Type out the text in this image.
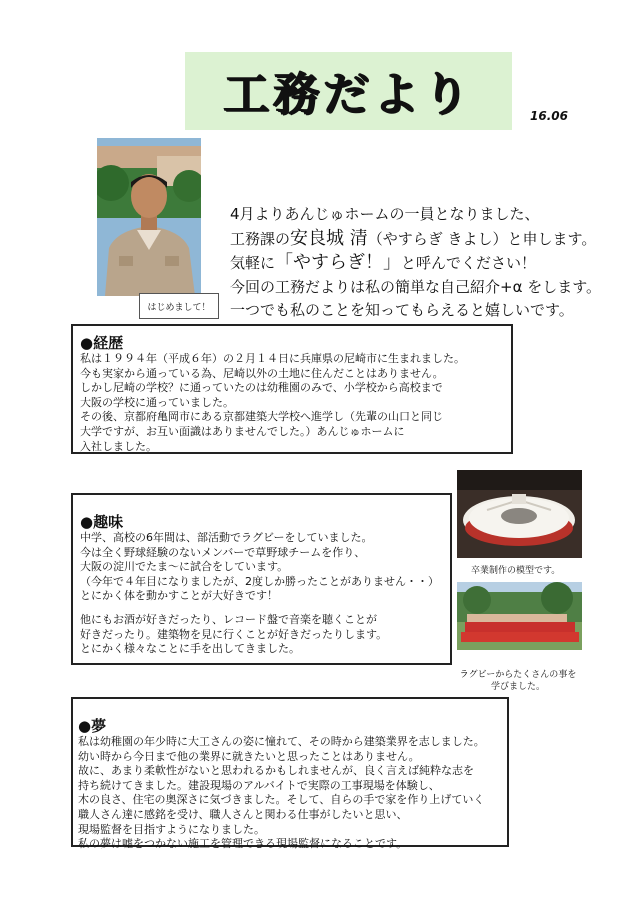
工務だより	16.06
はじめまして！
4月よりあんじゅホームの一員となりました、
工務課の安良城 清（やすらぎ きよし）と申します。
気軽に「やすらぎ！」と呼んでください！
今回の工務だよりは私の簡単な自己紹介+α をします。
一つでも私のことを知ってもらえると嬉しいです。
●経歴
私は１９９４年（平成６年）の２月１４日に兵庫県の尼崎市に生まれました。
今も実家から通っている為、尼崎以外の土地に住んだことはありません。
しかし尼崎の学校？に通っていたのは幼稚園のみで、小学校から高校まで
大阪の学校に通っていました。
その後、京都府亀岡市にある京都建築大学校へ進学し（先輩の山口と同じ
大学ですが、お互い面識はありませんでした。）あんじゅホームに
入社しました。
●趣味
中学、高校の6年間は、部活動でラグビーをしていました。
今は全く野球経験のないメンバーで草野球チームを作り、
大阪の淀川でたま～に試合をしています。
（今年で４年目になりましたが、2度しか勝ったことがありません・・）
とにかく体を動かすことが大好きです！
他にもお酒が好きだったり、レコード盤で音楽を聴くことが
好きだったり。建築物を見に行くことが好きだったりします。
とにかく様々なことに手を出してきました。
卒業制作の模型です。
ラグビーからたくさんの事を
学びました。
●夢
私は幼稚園の年少時に大工さんの姿に憧れて、その時から建築業界を志しました。
幼い時から今日まで他の業界に就きたいと思ったことはありません。
故に、あまり柔軟性がないと思われるかもしれませんが、良く言えば純粋な志を
持ち続けてきました。建設現場のアルバイトで実際の工事現場を体験し、
木の良さ、住宅の奥深さに気づきました。そして、自らの手で家を作り上げていく
職人さん達に感銘を受け、職人さんと関わる仕事がしたいと思い、
現場監督を目指すようになりました。
私の夢は嘘をつかない施工を管理できる現場監督になることです。
